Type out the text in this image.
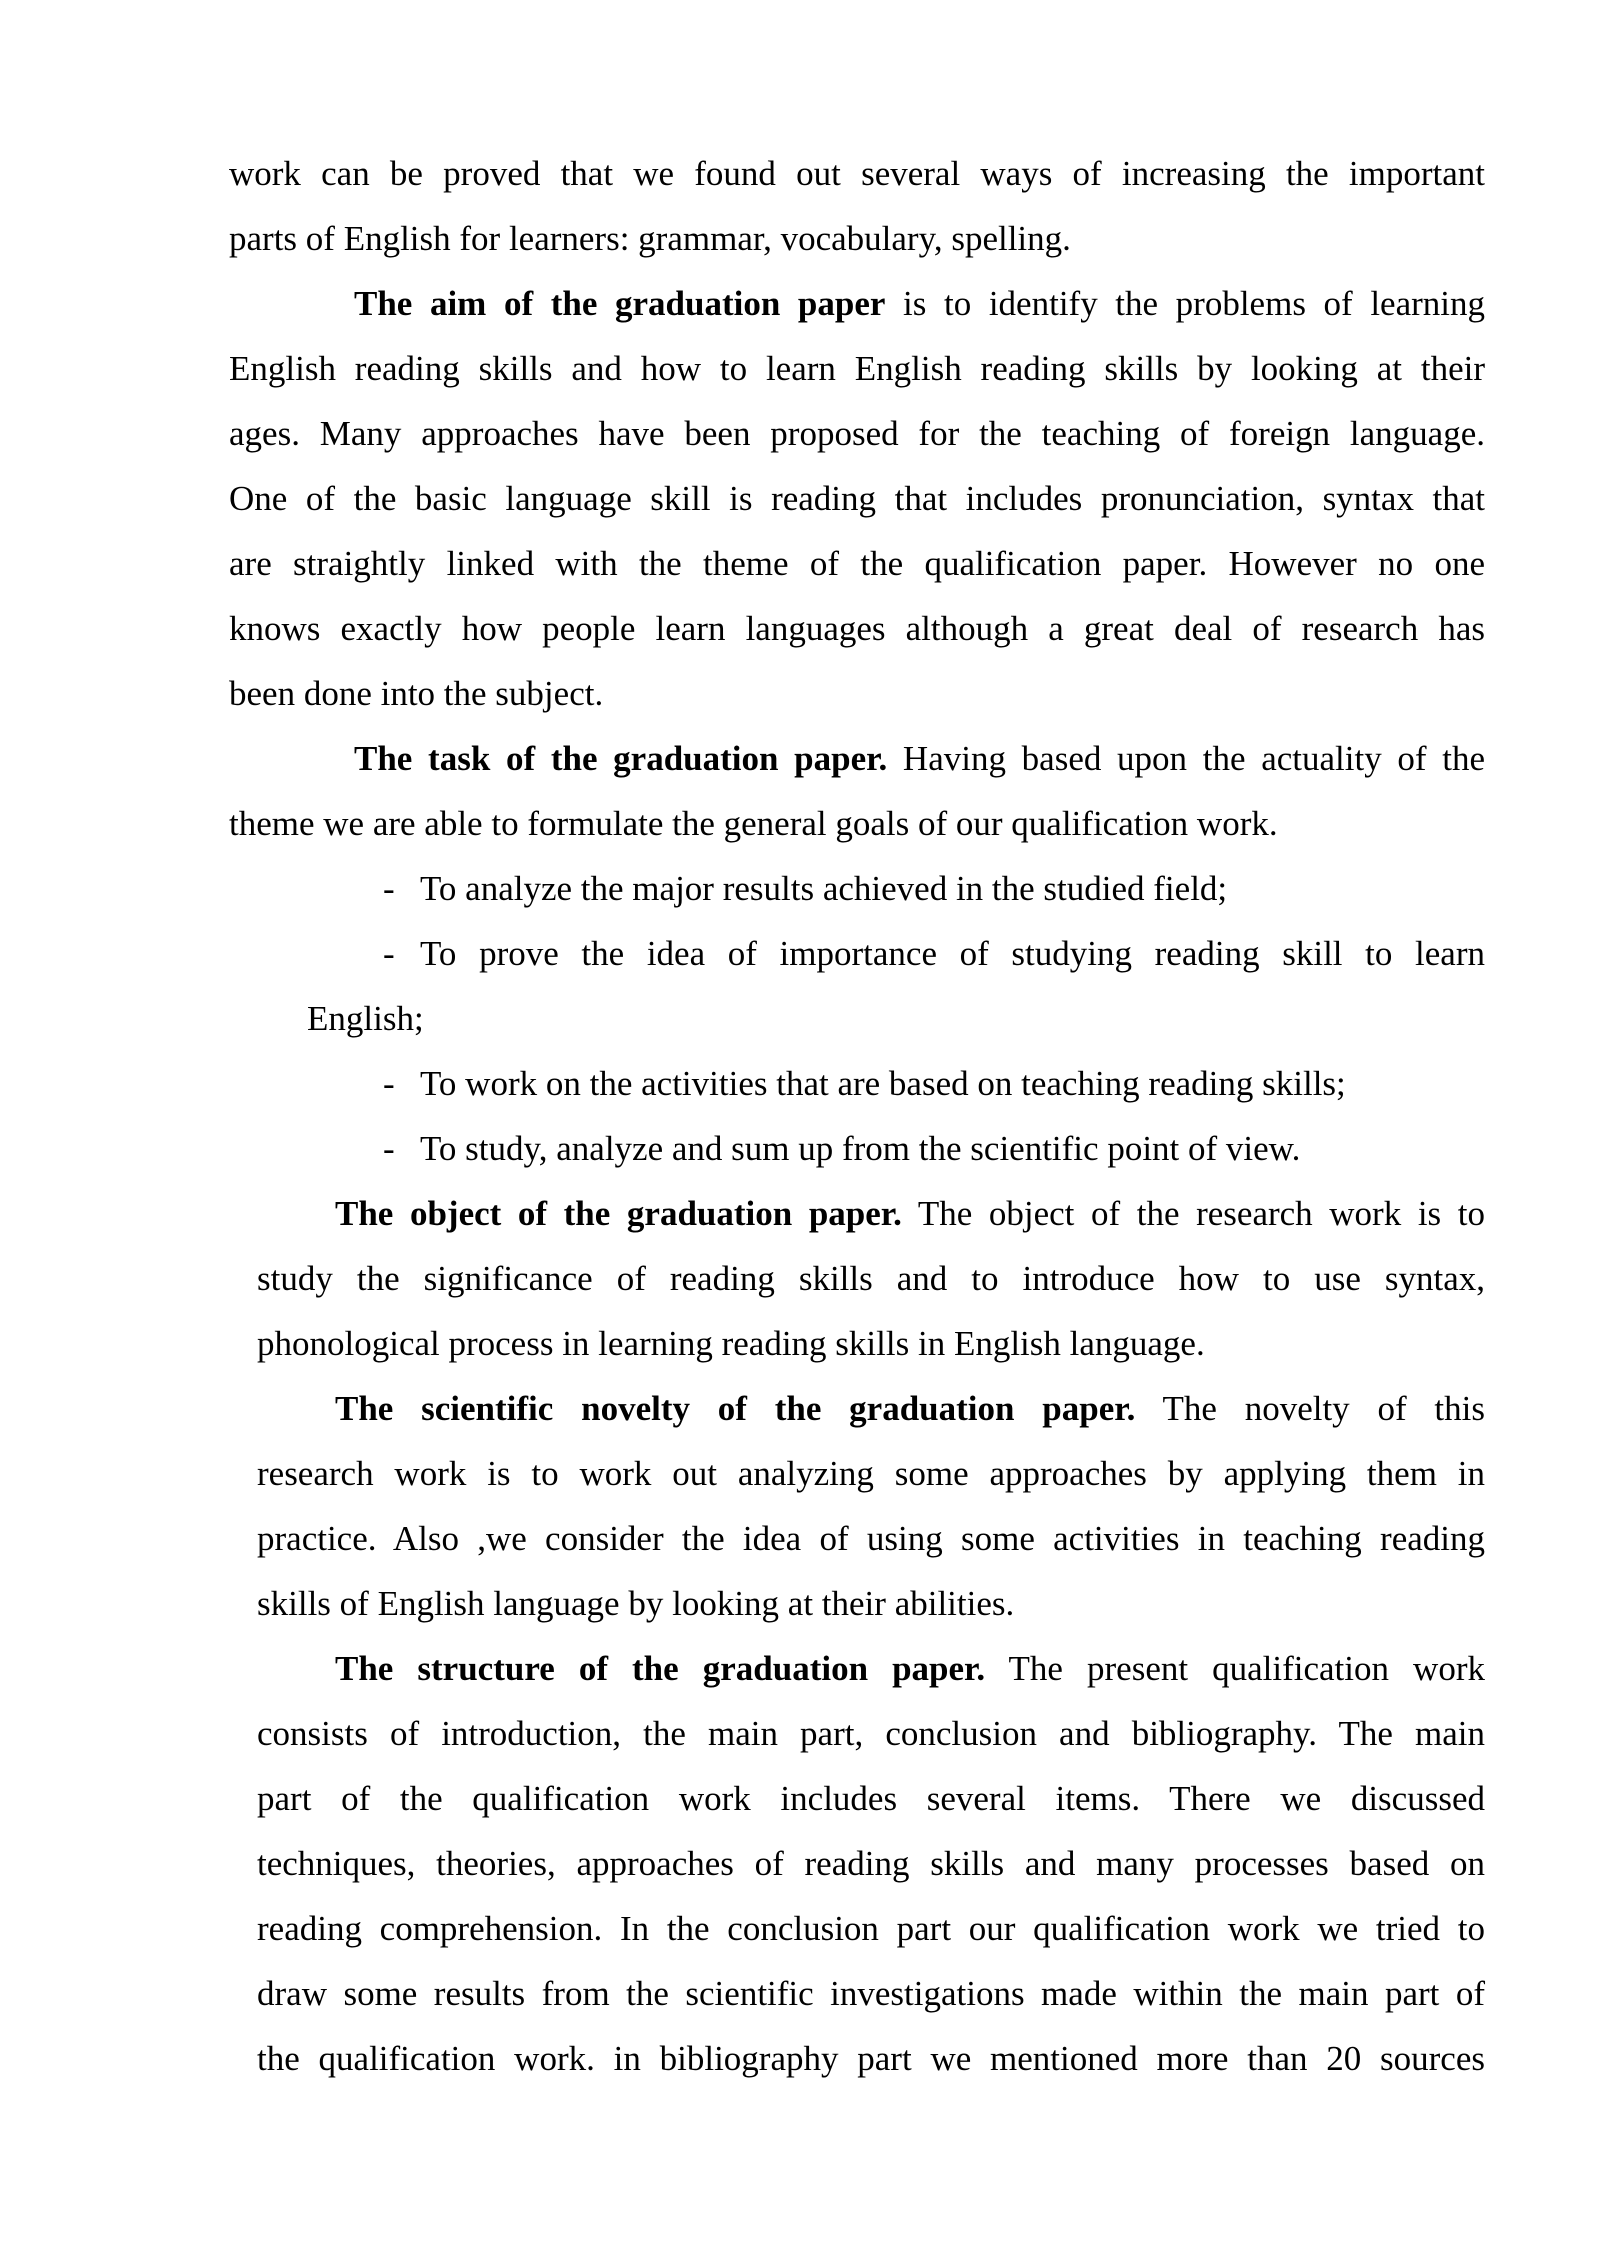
work can be proved that we found out several ways of increasing the important
parts of English for learners: grammar, vocabulary, spelling.
The aim of the graduation paper is to identify the problems of learning
English reading skills and how to learn English reading skills by looking at their
ages. Many approaches have been proposed for the teaching of foreign language.
One of the basic language skill is reading that includes pronunciation, syntax that
are straightly linked with the theme of the qualification paper. However no one
knows exactly how people learn languages although a great deal of research has
been done into the subject.
The task of the graduation paper. Having based upon the actuality of the
theme we are able to formulate the general goals of our qualification work.
- To analyze the major results achieved in the studied field;
- To prove the idea of importance of studying reading skill to learn
English;
- To work on the activities that are based on teaching reading skills;
- To study, analyze and sum up from the scientific point of view.
The object of the graduation paper. The object of the research work is to
study the significance of reading skills and to introduce how to use syntax,
phonological process in learning reading skills in English language.
The scientific novelty of the graduation paper. The novelty of this
research work is to work out analyzing some approaches by applying them in
practice. Also ,we consider the idea of using some activities in teaching reading
skills of English language by looking at their abilities.
The structure of the graduation paper. The present qualification work
consists of introduction, the main part, conclusion and bibliography. The main
part of the qualification work includes several items. There we discussed
techniques, theories, approaches of reading skills and many processes based on
reading comprehension. In the conclusion part our qualification work we tried to
draw some results from the scientific investigations made within the main part of
the qualification work. in bibliography part we mentioned more than 20 sources
